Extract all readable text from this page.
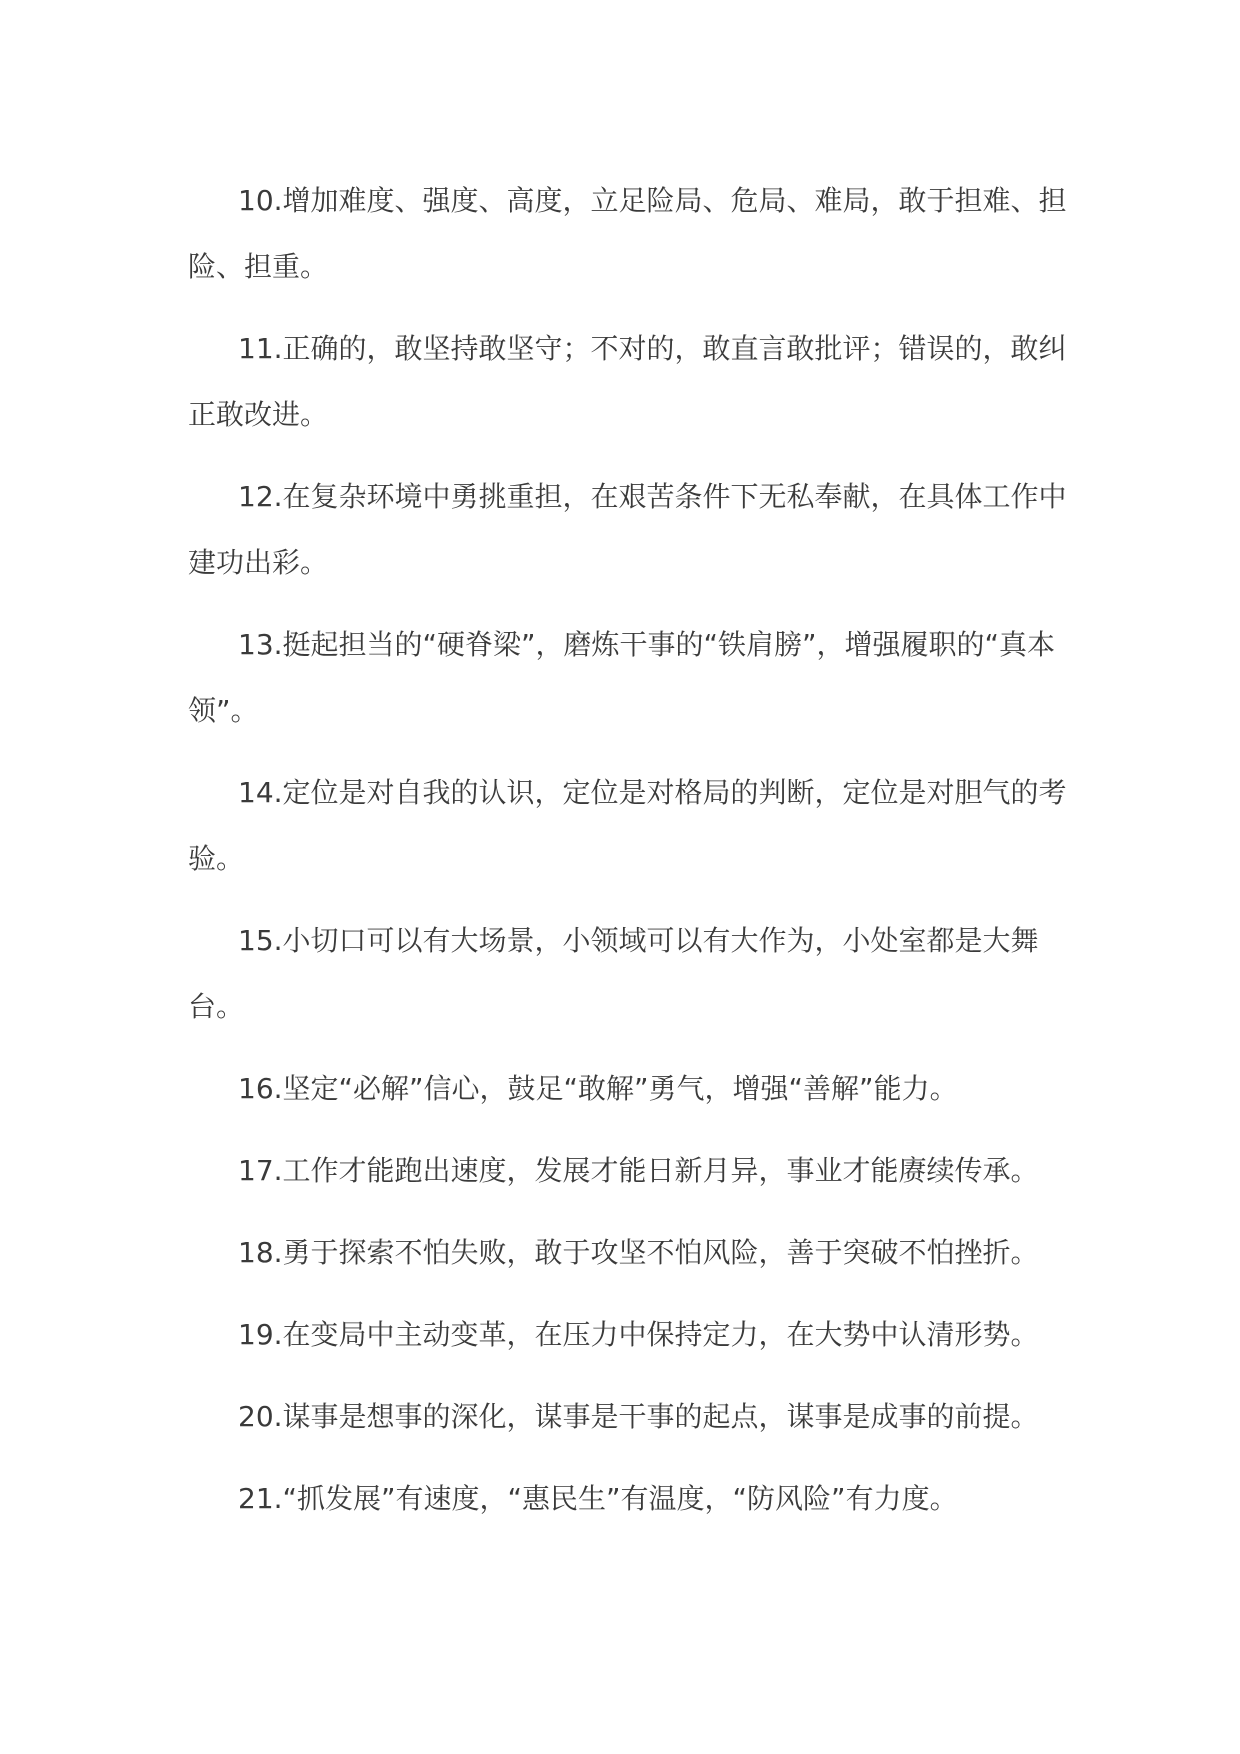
10.增加难度、强度、高度，立足险局、危局、难局，敢于担难、担险、担重。

11.正确的，敢坚持敢坚守；不对的，敢直言敢批评；错误的，敢纠正敢改进。

12.在复杂环境中勇挑重担，在艰苦条件下无私奉献，在具体工作中建功出彩。

13.挺起担当的“硬脊梁”，磨炼干事的“铁肩膀”，增强履职的“真本领”。

14.定位是对自我的认识，定位是对格局的判断，定位是对胆气的考验。

15.小切口可以有大场景，小领域可以有大作为，小处室都是大舞台。

16.坚定“必解”信心，鼓足“敢解”勇气，增强“善解”能力。

17.工作才能跑出速度，发展才能日新月异，事业才能赓续传承。

18.勇于探索不怕失败，敢于攻坚不怕风险，善于突破不怕挫折。

19.在变局中主动变革，在压力中保持定力，在大势中认清形势。

20.谋事是想事的深化，谋事是干事的起点，谋事是成事的前提。

21.“抓发展”有速度，“惠民生”有温度，“防风险”有力度。
